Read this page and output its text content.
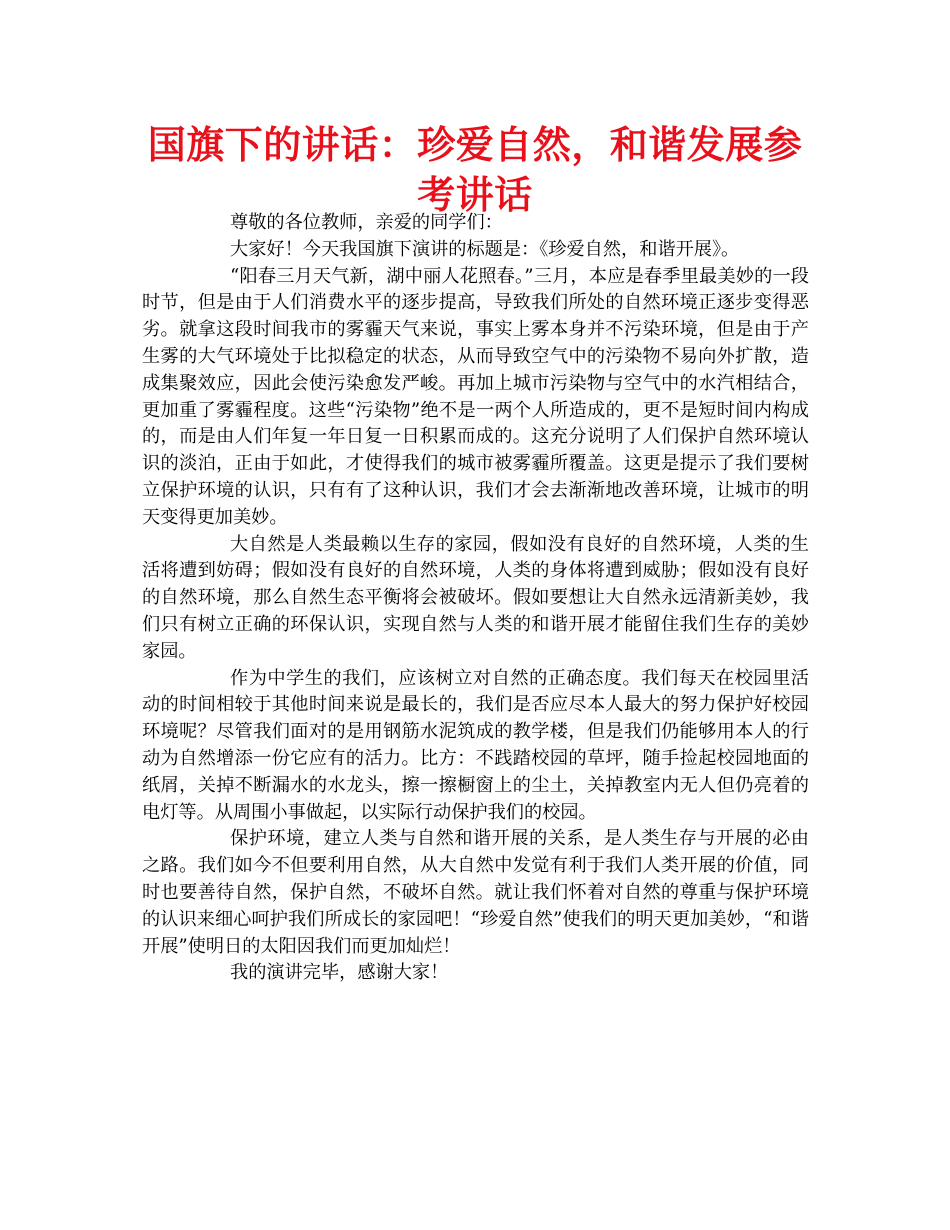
国旗下的讲话：珍爱自然，和谐发展参考讲话

尊敬的各位教师，亲爱的同学们：

大家好！今天我国旗下演讲的标题是：《珍爱自然，和谐开展》。

“阳春三月天气新，湖中丽人花照春。”三月，本应是春季里最美妙的一段时节，但是由于人们消费水平的逐步提高，导致我们所处的自然环境正逐步变得恶劣。就拿这段时间我市的雾霾天气来说，事实上雾本身并不污染环境，但是由于产生雾的大气环境处于比拟稳定的状态，从而导致空气中的污染物不易向外扩散，造成集聚效应，因此会使污染愈发严峻。再加上城市污染物与空气中的水汽相结合，更加重了雾霾程度。这些“污染物”绝不是一两个人所造成的，更不是短时间内构成的，而是由人们年复一年日复一日积累而成的。这充分说明了人们保护自然环境认识的淡泊，正由于如此，才使得我们的城市被雾霾所覆盖。这更是提示了我们要树立保护环境的认识，只有有了这种认识，我们才会去渐渐地改善环境，让城市的明天变得更加美妙。

大自然是人类最赖以生存的家园，假如没有良好的自然环境，人类的生活将遭到妨碍；假如没有良好的自然环境，人类的身体将遭到威胁；假如没有良好的自然环境，那么自然生态平衡将会被破坏。假如要想让大自然永远清新美妙，我们只有树立正确的环保认识，实现自然与人类的和谐开展才能留住我们生存的美妙家园。

作为中学生的我们，应该树立对自然的正确态度。我们每天在校园里活动的时间相较于其他时间来说是最长的，我们是否应尽本人最大的努力保护好校园环境呢？尽管我们面对的是用钢筋水泥筑成的教学楼，但是我们仍能够用本人的行动为自然增添一份它应有的活力。比方：不践踏校园的草坪，随手捡起校园地面的纸屑，关掉不断漏水的水龙头，擦一擦橱窗上的尘土，关掉教室内无人但仍亮着的电灯等。从周围小事做起，以实际行动保护我们的校园。

保护环境，建立人类与自然和谐开展的关系，是人类生存与开展的必由之路。我们如今不但要利用自然，从大自然中发觉有利于我们人类开展的价值，同时也要善待自然，保护自然，不破坏自然。就让我们怀着对自然的尊重与保护环境的认识来细心呵护我们所成长的家园吧！“珍爱自然”使我们的明天更加美妙，“和谐开展”使明日的太阳因我们而更加灿烂！

我的演讲完毕，感谢大家！
